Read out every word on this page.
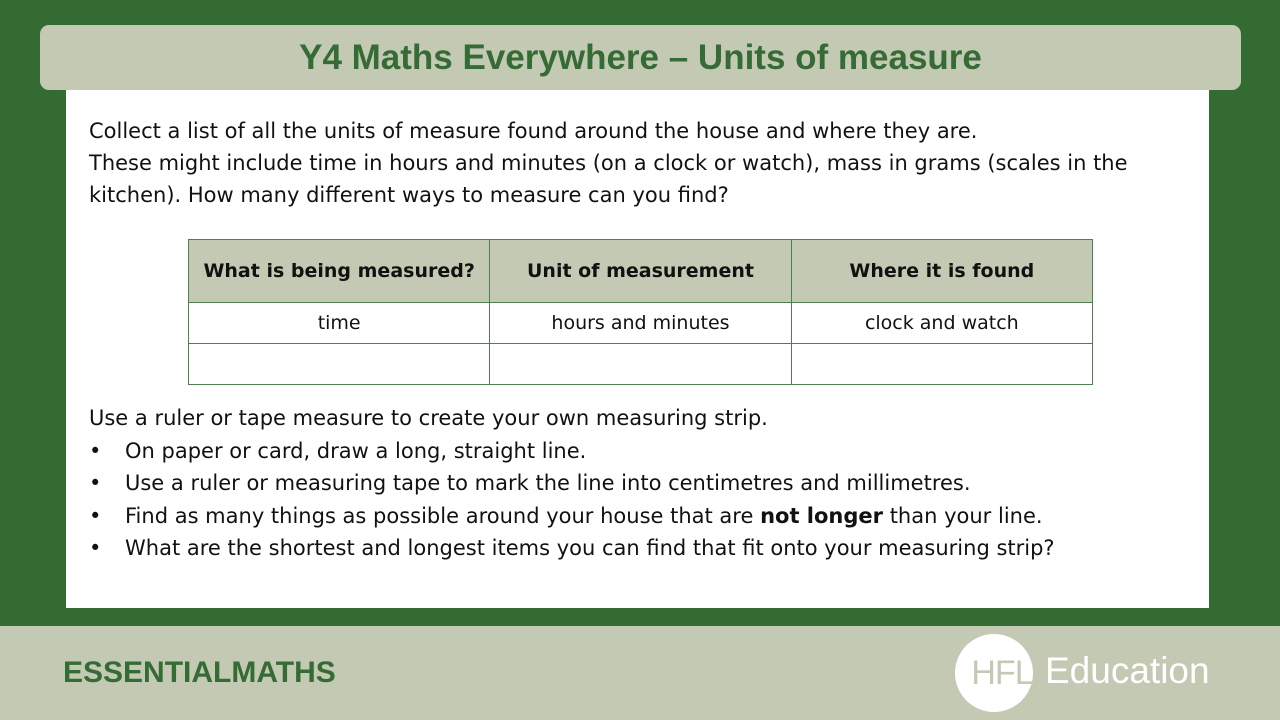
Y4 Maths Everywhere – Units of measure

Collect a list of all the units of measure found around the house and where they are.

These might include time in hours and minutes (on a clock or watch), mass in grams (scales in the kitchen). How many different ways to measure can you find?

What is being measured?	Unit of measurement	Where it is found
time	hours and minutes	clock and watch

Use a ruler or tape measure to create your own measuring strip.

• On paper or card, draw a long, straight line.
• Use a ruler or measuring tape to mark the line into centimetres and millimetres.
• Find as many things as possible around your house that are not longer than your line.
• What are the shortest and longest items you can find that fit onto your measuring strip?
ESSENTIALMATHS	HFL Education
